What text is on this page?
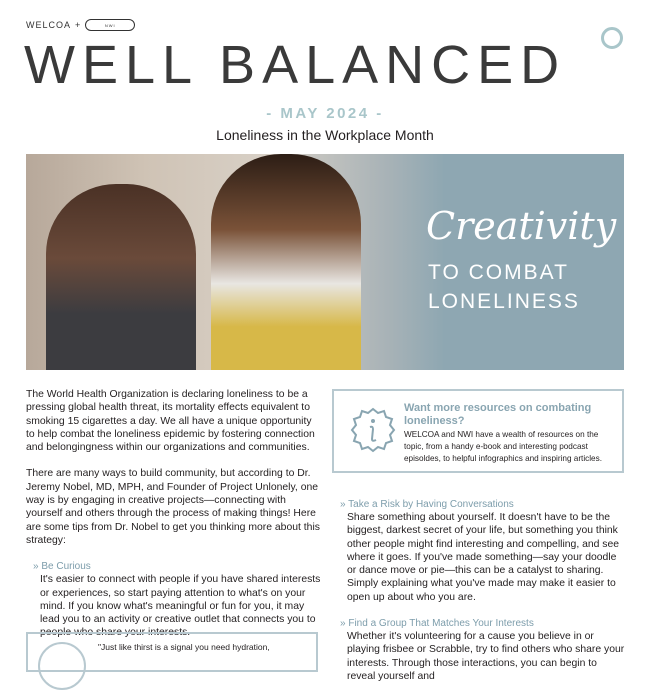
WELCOA +	NWI
WELL BALANCED
- MAY 2024 -
Loneliness in the Workplace Month
Creativity
TO COMBAT
LONELINESS

The World Health Organization is declaring loneliness to be a pressing global health threat, its mortality effects equivalent to smoking 15 cigarettes a day. We all have a unique opportunity to help combat the loneliness epidemic by fostering connection and belongingness within our organizations and communities.

There are many ways to build community, but according to Dr. Jeremy Nobel, MD, MPH, and Founder of Project Unlonely, one way is by engaging in creative projects—connecting with yourself and others through the process of making things! Here are some tips from Dr. Nobel to get you thinking more about this strategy:

» Be Curious
It's easier to connect with people if you have shared interests or experiences, so start paying attention to what's on your mind. If you know what's meaningful or fun for you, it may lead you to an activity or creative outlet that connects you to people who share your interests.
Want more resources on combating loneliness?
WELCOA and NWI have a wealth of resources on the topic, from a handy e-book and interesting podcast episoldes, to helpful infographics and inspiring articles.
» Take a Risk by Having Conversations
Share something about yourself. It doesn't have to be the biggest, darkest secret of your life, but something you think other people might find interesting and compelling, and see where it goes. If you've made something—say your doodle or dance move or pie—this can be a catalyst to sharing. Simply explaining what you've made may make it easier to open up about who you are.
» Find a Group That Matches Your Interests
Whether it's volunteering for a cause you believe in or playing frisbee or Scrabble, try to find others who share your interests. Through those interactions, you can begin to reveal yourself and
"Just like thirst is a signal you need hydration,
